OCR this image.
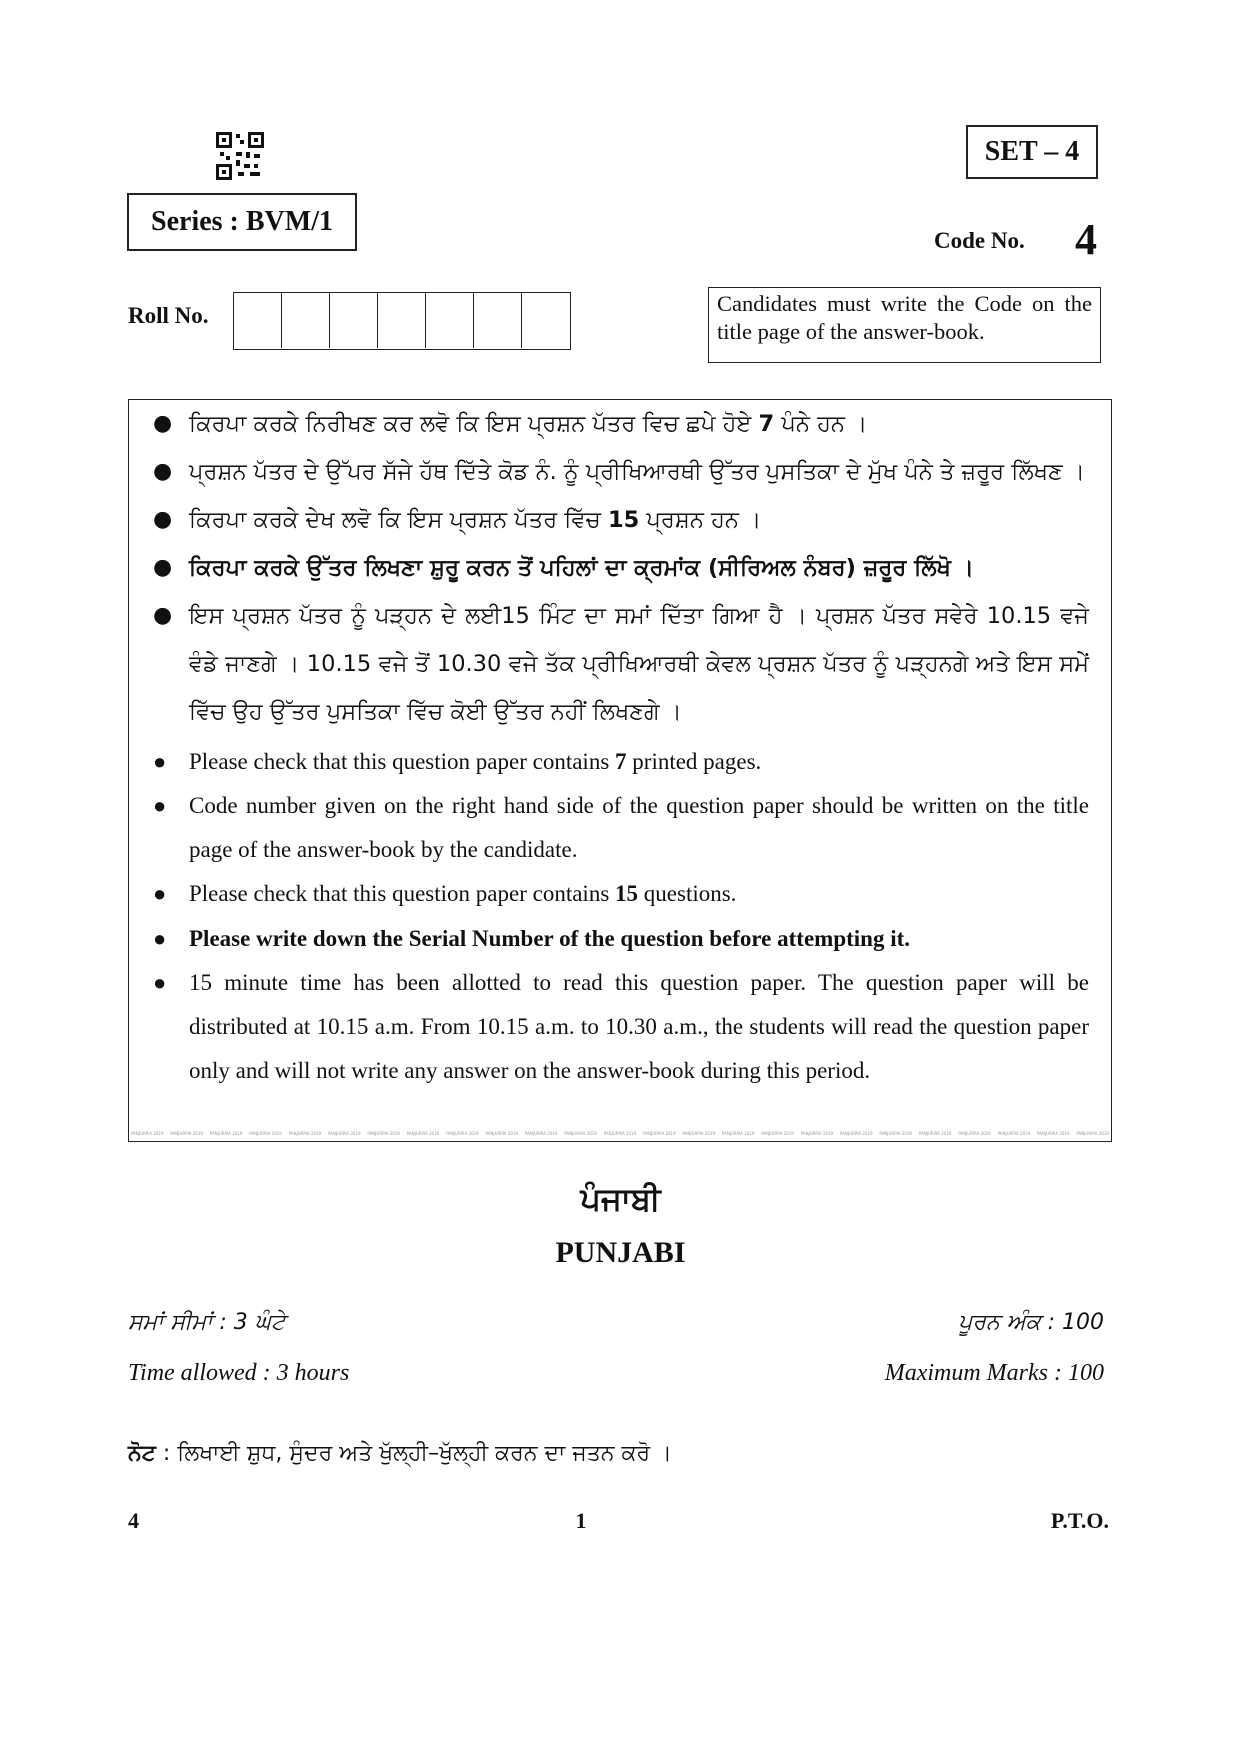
SET – 4
Series : BVM/1
Code No. 4
Roll No.	Candidates must write the Code on the title page of the answer-book.
● ਕਿਰਪਾ ਕਰਕੇ ਨਿਰੀਖਣ ਕਰ ਲਵੋ ਕਿ ਇਸ ਪ੍ਰਸ਼ਨ ਪੱਤਰ ਵਿਚ ਛਪੇ ਹੋਏ 7 ਪੰਨੇ ਹਨ ।
● ਪ੍ਰਸ਼ਨ ਪੱਤਰ ਦੇ ਉੱਪਰ ਸੱਜੇ ਹੱਥ ਦਿੱਤੇ ਕੋਡ ਨੰ. ਨੂੰ ਪ੍ਰੀਖਿਆਰਥੀ ਉੱਤਰ ਪੁਸਤਿਕਾ ਦੇ ਮੁੱਖ ਪੰਨੇ ਤੇ ਜ਼ਰੂਰ ਲਿੱਖਣ ।
● ਕਿਰਪਾ ਕਰਕੇ ਦੇਖ ਲਵੋ ਕਿ ਇਸ ਪ੍ਰਸ਼ਨ ਪੱਤਰ ਵਿੱਚ 15 ਪ੍ਰਸ਼ਨ ਹਨ ।
● ਕਿਰਪਾ ਕਰਕੇ ਉੱਤਰ ਲਿਖਣਾ ਸ਼ੁਰੂ ਕਰਨ ਤੋਂ ਪਹਿਲਾਂ ਦਾ ਕ੍ਰਮਾਂਕ (ਸੀਰਿਅਲ ਨੰਬਰ) ਜ਼ਰੂਰ ਲਿੱਖੋ ।
● ਇਸ ਪ੍ਰਸ਼ਨ ਪੱਤਰ ਨੂੰ ਪੜ੍ਹਨ ਦੇ ਲਈ15 ਮਿੰਟ ਦਾ ਸਮਾਂ ਦਿੱਤਾ ਗਿਆ ਹੈ । ਪ੍ਰਸ਼ਨ ਪੱਤਰ ਸਵੇਰੇ 10.15 ਵਜੇ ਵੰਡੇ ਜਾਣਗੇ । 10.15 ਵਜੇ ਤੋਂ 10.30 ਵਜੇ ਤੱਕ ਪ੍ਰੀਖਿਆਰਥੀ ਕੇਵਲ ਪ੍ਰਸ਼ਨ ਪੱਤਰ ਨੂੰ ਪੜ੍ਹਨਗੇ ਅਤੇ ਇਸ ਸਮੇਂ ਵਿੱਚ ਉਹ ਉੱਤਰ ਪੁਸਤਿਕਾ ਵਿੱਚ ਕੋਈ ਉੱਤਰ ਨਹੀਂ ਲਿਖਣਗੇ ।
● Please check that this question paper contains 7 printed pages.
● Code number given on the right hand side of the question paper should be written on the title page of the answer-book by the candidate.
● Please check that this question paper contains 15 questions.
● Please write down the Serial Number of the question before attempting it.
● 15 minute time has been allotted to read this question paper. The question paper will be distributed at 10.15 a.m. From 10.15 a.m. to 10.30 a.m., the students will read the question paper only and will not write any answer on the answer-book during this period.
PANJURPIA 2019 PANJURPIA 2019 PANJURPIA 2019 PANJURPIA 2019 PANJURPIA 2019 PANJURPIA 2019 PANJURPIA 2019 PANJURPIA 2019 PANJURPIA 2019 PANJURPIA 2019 PANJURPIA 2019 PANJURPIA 2019 PANJURPIA 2019 PANJURPIA 2019 PANJURPIA 2019 PANJURPIA 2019 PANJURPIA 2019 PANJURPIA 2019 PANJURPIA 2019 PANJURPIA 2019 PANJURPIA 2019 PANJURPIA 2019 PANJURPIA 2019 PANJURPIA 2019 PANJURPIA 2019
ਪੰਜਾਬੀ
PUNJABI
ਸਮਾਂ ਸੀਮਾਂ : 3 ਘੰਟੇ	ਪੂਰਨ ਅੰਕ : 100
Time allowed : 3 hours	Maximum Marks : 100
ਨੋਟ : ਲਿਖਾਈ ਸ਼ੁਧ, ਸੁੰਦਰ ਅਤੇ ਖੁੱਲ੍ਹੀ–ਖੁੱਲ੍ਹੀ ਕਰਨ ਦਾ ਜਤਨ ਕਰੋ ।
4	1	P.T.O.
